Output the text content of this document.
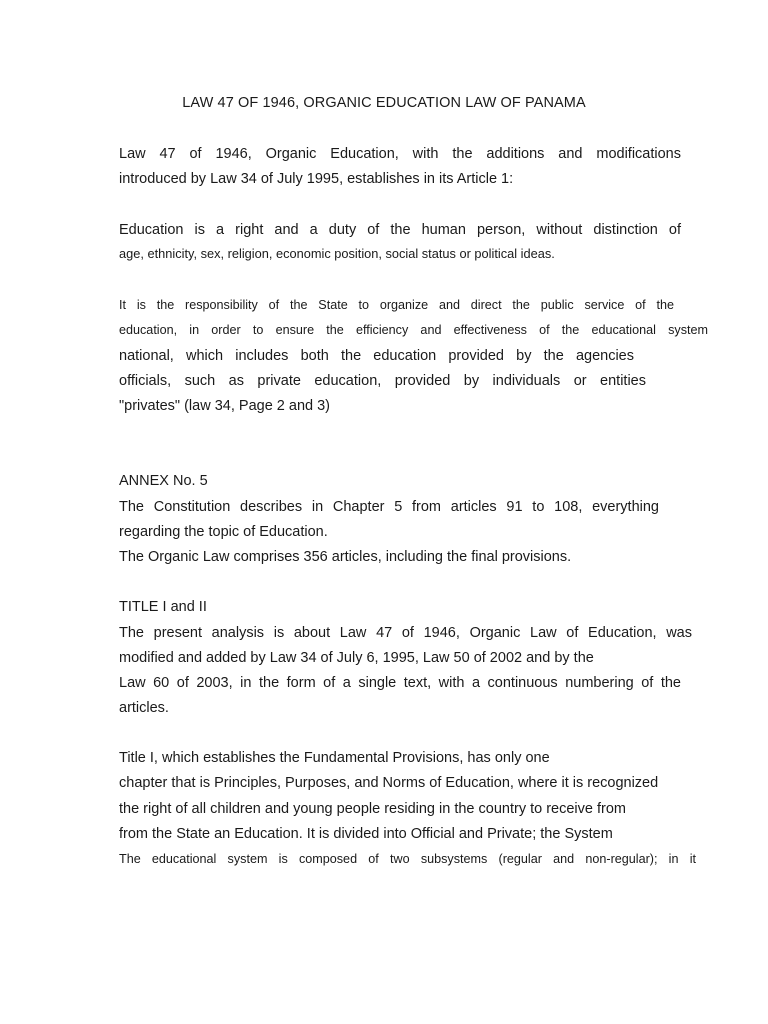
LAW 47 OF 1946, ORGANIC EDUCATION LAW OF PANAMA
Law 47 of 1946, Organic Education, with the additions and modifications
introduced by Law 34 of July 1995, establishes in its Article 1:
Education is a right and a duty of the human person, without distinction of
age, ethnicity, sex, religion, economic position, social status or political ideas.
It is the responsibility of the State to organize and direct the public service of the
education, in order to ensure the efficiency and effectiveness of the educational system
national, which includes both the education provided by the agencies
officials, such as private education, provided by individuals or entities
"privates" (law 34, Page 2 and 3)
ANNEX No. 5
The Constitution describes in Chapter 5 from articles 91 to 108, everything
regarding the topic of Education.
The Organic Law comprises 356 articles, including the final provisions.
TITLE I and II
The present analysis is about Law 47 of 1946, Organic Law of Education, was
modified and added by Law 34 of July 6, 1995, Law 50 of 2002 and by the
Law 60 of 2003, in the form of a single text, with a continuous numbering of the
articles.
Title I, which establishes the Fundamental Provisions, has only one
chapter that is Principles, Purposes, and Norms of Education, where it is recognized
the right of all children and young people residing in the country to receive from
from the State an Education. It is divided into Official and Private; the System
The educational system is composed of two subsystems (regular and non-regular); in it
